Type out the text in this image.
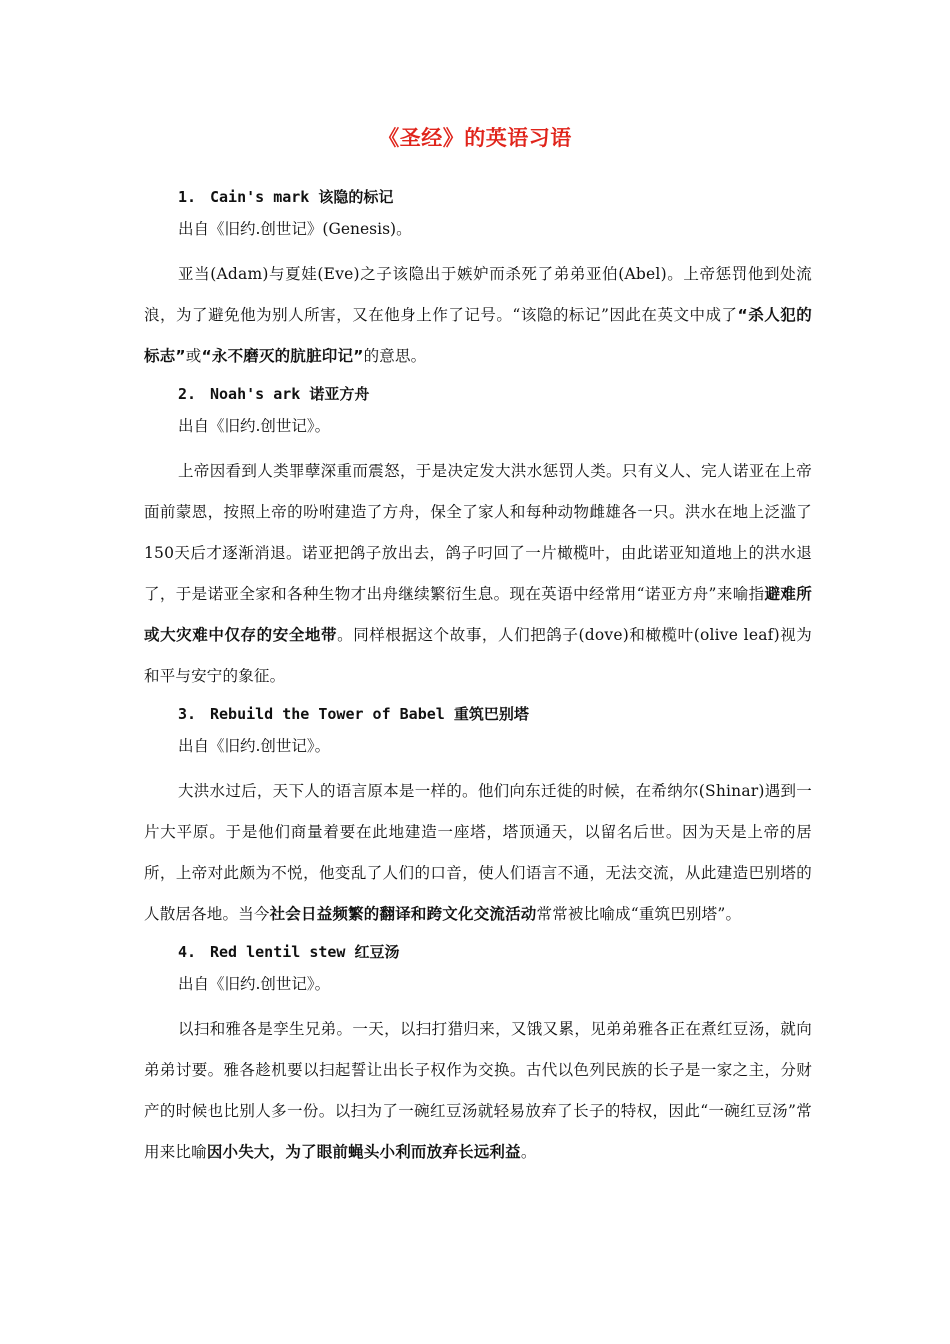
《圣经》的英语习语
1. Cain's mark 该隐的标记
出自《旧约.创世记》(Genesis)。
亚当(Adam)与夏娃(Eve)之子该隐出于嫉妒而杀死了弟弟亚伯(Abel)。上帝惩罚他到处流浪，为了避免他为别人所害，又在他身上作了记号。“该隐的标记”因此在英文中成了“杀人犯的标志”或“永不磨灭的肮脏印记”的意思。
2. Noah's ark 诺亚方舟
出自《旧约.创世记》。
上帝因看到人类罪孽深重而震怒，于是决定发大洪水惩罚人类。只有义人、完人诺亚在上帝面前蒙恩，按照上帝的吩咐建造了方舟，保全了家人和每种动物雌雄各一只。洪水在地上泛滥了150天后才逐渐消退。诺亚把鸽子放出去，鸽子叼回了一片橄榄叶，由此诺亚知道地上的洪水退了，于是诺亚全家和各种生物才出舟继续繁衍生息。现在英语中经常用“诺亚方舟”来喻指避难所或大灾难中仅存的安全地带。同样根据这个故事，人们把鸽子(dove)和橄榄叶(olive leaf)视为和平与安宁的象征。
3. Rebuild the Tower of Babel 重筑巴别塔
出自《旧约.创世记》。
大洪水过后，天下人的语言原本是一样的。他们向东迁徙的时候，在希纳尔(Shinar)遇到一片大平原。于是他们商量着要在此地建造一座塔，塔顶通天，以留名后世。因为天是上帝的居所，上帝对此颇为不悦，他变乱了人们的口音，使人们语言不通，无法交流，从此建造巴别塔的人散居各地。当今社会日益频繁的翻译和跨文化交流活动常常被比喻成“重筑巴别塔”。
4. Red lentil stew 红豆汤
出自《旧约.创世记》。
以扫和雅各是孪生兄弟。一天，以扫打猎归来，又饿又累，见弟弟雅各正在煮红豆汤，就向弟弟讨要。雅各趁机要以扫起誓让出长子权作为交换。古代以色列民族的长子是一家之主，分财产的时候也比别人多一份。以扫为了一碗红豆汤就轻易放弃了长子的特权，因此“一碗红豆汤”常用来比喻因小失大，为了眼前蝇头小利而放弃长远利益。
